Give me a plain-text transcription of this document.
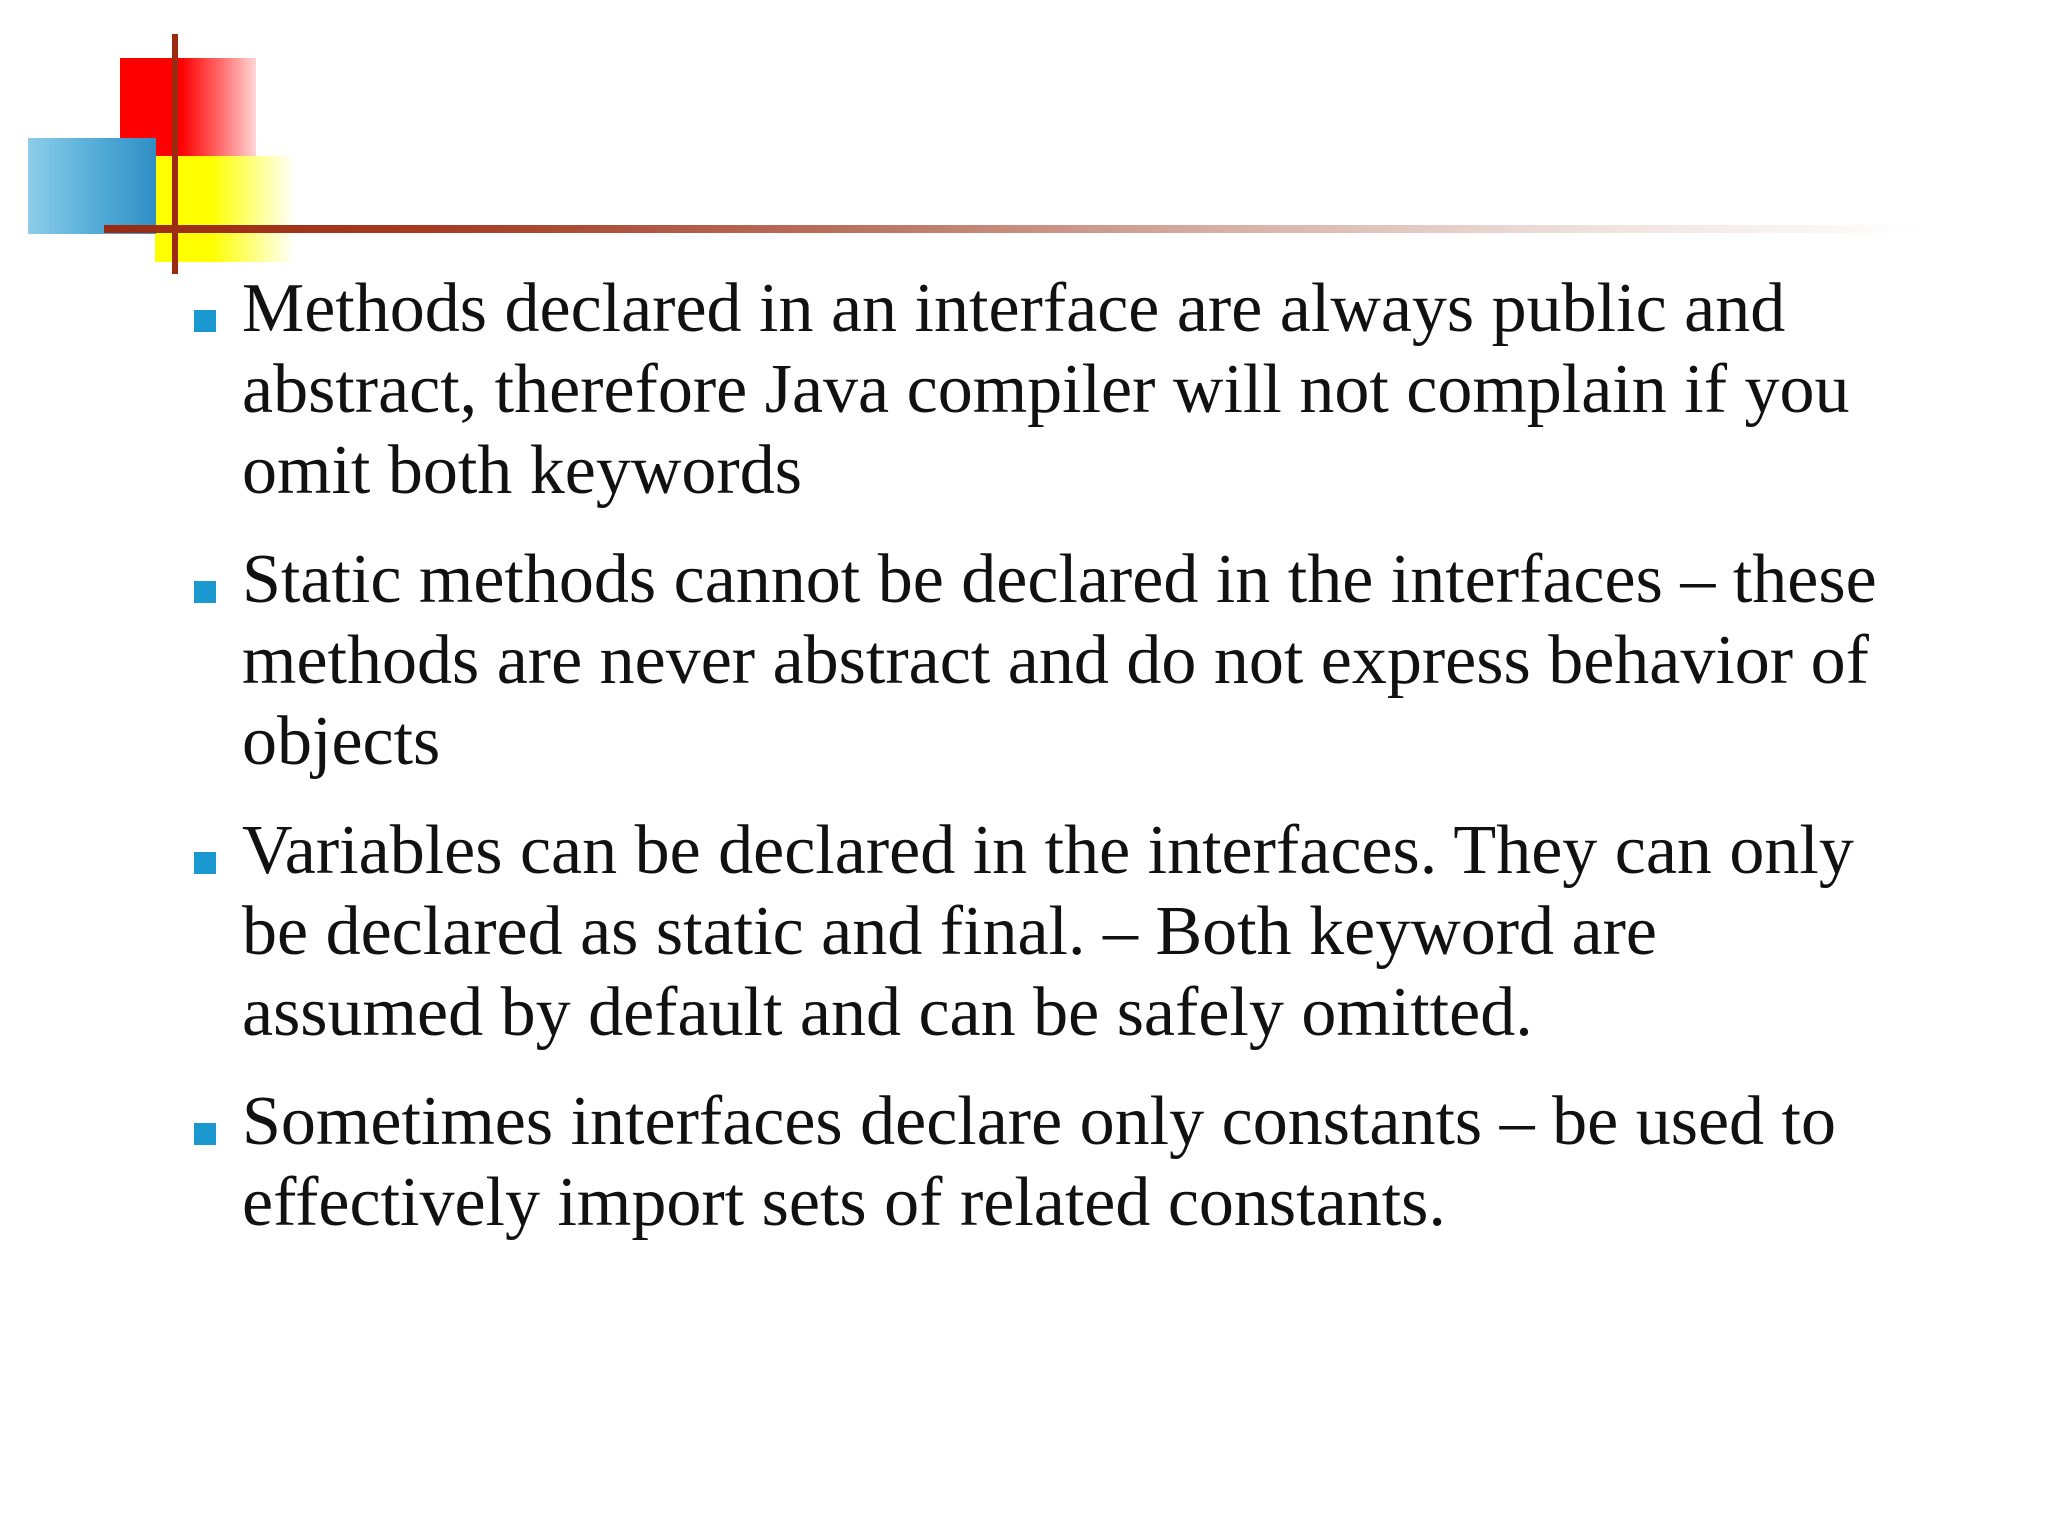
Methods declared in an interface are always public and abstract, therefore Java compiler will not complain if you omit both keywords
Static methods cannot be declared in the interfaces – these methods are never abstract and do not express behavior of objects
Variables can be declared in the interfaces. They can only be declared as static and final. – Both keyword are assumed by default and can be safely omitted.
Sometimes interfaces declare only constants – be used to effectively import sets of related constants.
